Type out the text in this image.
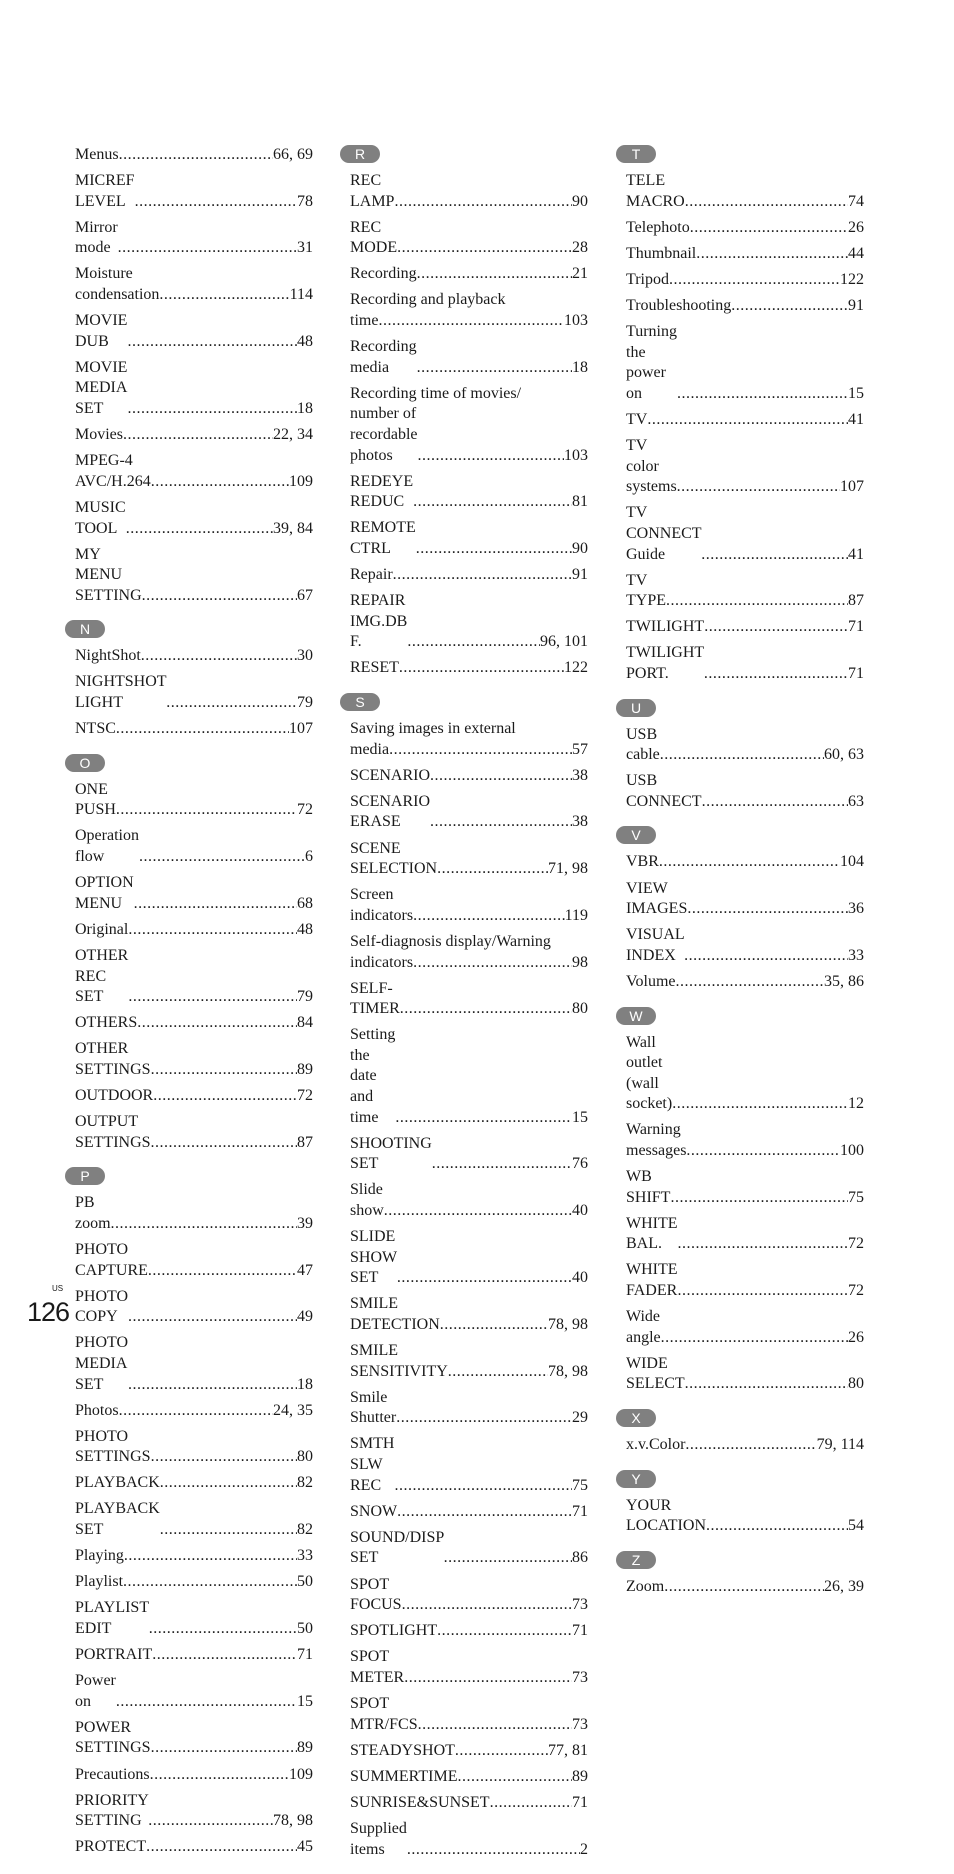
Menus .....	66, 69
MICREF LEVEL .....	78
Mirror mode .....	31
Moisture condensation .....	114
MOVIE DUB .....	48
MOVIE MEDIA SET .....	18
Movies .....	22, 34
MPEG-4 AVC/H.264 .....	109
MUSIC TOOL .....	39, 84
MY MENU SETTING .....	67
N
NightShot .....	30
NIGHTSHOT LIGHT .....	79
NTSC .....	107
O
ONE PUSH .....	72
Operation flow .....	6
OPTION MENU .....	68
Original .....	48
OTHER REC SET .....	79
OTHERS .....	84
OTHER SETTINGS .....	89
OUTDOOR .....	72
OUTPUT SETTINGS .....	87
P
PB zoom .....	39
PHOTO CAPTURE .....	47
PHOTO COPY .....	49
PHOTO MEDIA SET .....	18
Photos .....	24, 35
PHOTO SETTINGS .....	80
PLAYBACK .....	82
PLAYBACK SET .....	82
Playing .....	33
Playlist .....	50
PLAYLIST EDIT .....	50
PORTRAIT .....	71
Power on .....	15
POWER SETTINGS .....	89
Precautions .....	109
PRIORITY SETTING .....	78, 98
PROTECT .....	45
R
REC LAMP .....	90
REC MODE .....	28
Recording .....	21
Recording and playback
time .....	103
Recording media .....	18
Recording time of movies/
number of recordable photos .....	103
REDEYE REDUC .....	81
REMOTE CTRL .....	90
Repair .....	91
REPAIR IMG.DB F. .....	96, 101
RESET .....	122
S
Saving images in external
media .....	57
SCENARIO .....	38
SCENARIO ERASE .....	38
SCENE SELECTION .....	71, 98
Screen indicators .....	119
Self-diagnosis display/Warning
indicators .....	98
SELF-TIMER .....	80
Setting the date and time .....	15
SHOOTING SET .....	76
Slide show .....	40
SLIDE SHOW SET .....	40
SMILE DETECTION .....	78, 98
SMILE SENSITIVITY .....	78, 98
Smile Shutter .....	29
SMTH SLW REC .....	75
SNOW .....	71
SOUND/DISP SET .....	86
SPOT FOCUS .....	73
SPOTLIGHT .....	71
SPOT METER .....	73
SPOT MTR/FCS .....	73
STEADYSHOT .....	77, 81
SUMMERTIME .....	89
SUNRISE&SUNSET .....	71
Supplied items .....	2
T
TELE MACRO .....	74
Telephoto .....	26
Thumbnail .....	44
Tripod .....	122
Troubleshooting .....	91
Turning the power on .....	15
TV .....	41
TV color systems .....	107
TV CONNECT Guide .....	41
TV TYPE .....	87
TWILIGHT .....	71
TWILIGHT PORT. .....	71
U
USB cable .....	60, 63
USB CONNECT .....	63
V
VBR .....	104
VIEW IMAGES .....	36
VISUAL INDEX .....	33
Volume .....	35, 86
W
Wall outlet (wall socket) .....	12
Warning messages .....	100
WB SHIFT .....	75
WHITE BAL. .....	72
WHITE FADER .....	72
Wide angle .....	26
WIDE SELECT .....	80
X
x.v.Color .....	79, 114
Y
YOUR LOCATION .....	54
Z
Zoom .....	26, 39
US
126
